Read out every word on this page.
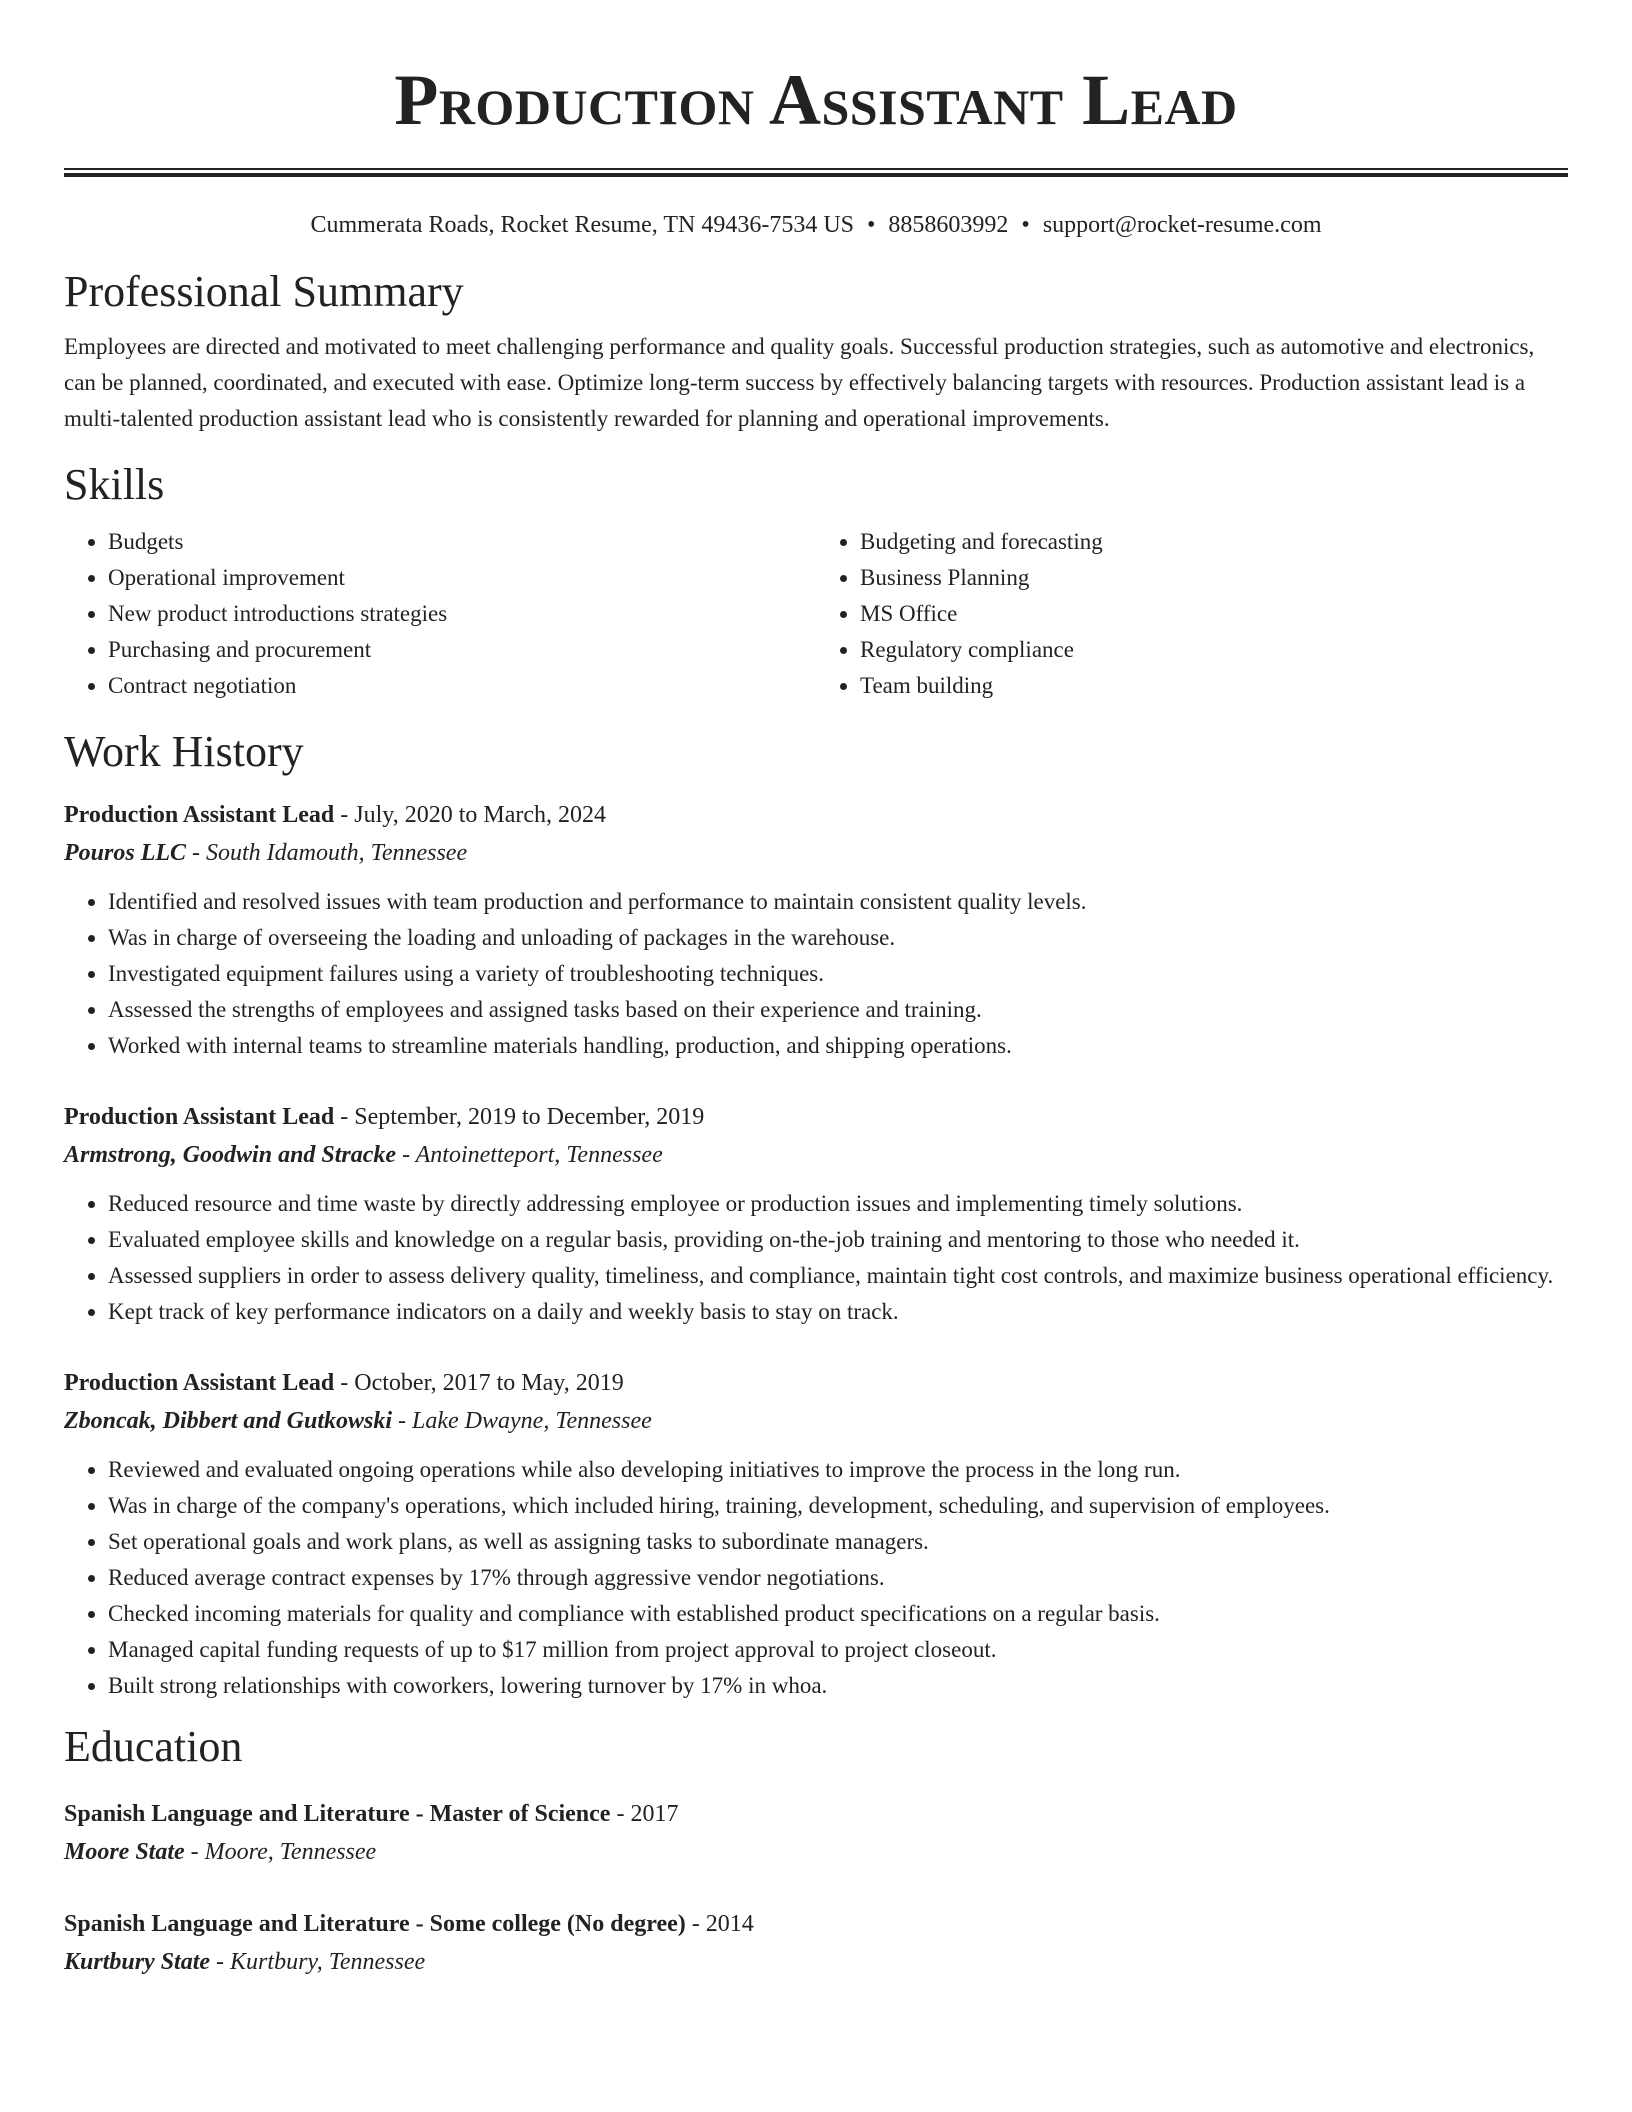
Production Assistant Lead
Cummerata Roads, Rocket Resume, TN 49436-7534 US • 8858603992 • support@rocket-resume.com
Professional Summary

Employees are directed and motivated to meet challenging performance and quality goals. Successful production strategies, such as automotive and electronics, can be planned, coordinated, and executed with ease. Optimize long-term success by effectively balancing targets with resources. Production assistant lead is a multi-talented production assistant lead who is consistently rewarded for planning and operational improvements.

Skills
• Budgets
• Operational improvement
• New product introductions strategies
• Purchasing and procurement
• Contract negotiation
• Budgeting and forecasting
• Business Planning
• MS Office
• Regulatory compliance
• Team building
Work History
Production Assistant Lead - July, 2020 to March, 2024
Pouros LLC - South Idamouth, Tennessee
• Identified and resolved issues with team production and performance to maintain consistent quality levels.
• Was in charge of overseeing the loading and unloading of packages in the warehouse.
• Investigated equipment failures using a variety of troubleshooting techniques.
• Assessed the strengths of employees and assigned tasks based on their experience and training.
• Worked with internal teams to streamline materials handling, production, and shipping operations.
Production Assistant Lead - September, 2019 to December, 2019
Armstrong, Goodwin and Stracke - Antoinetteport, Tennessee
• Reduced resource and time waste by directly addressing employee or production issues and implementing timely solutions.
• Evaluated employee skills and knowledge on a regular basis, providing on-the-job training and mentoring to those who needed it.
• Assessed suppliers in order to assess delivery quality, timeliness, and compliance, maintain tight cost controls, and maximize business operational efficiency.
• Kept track of key performance indicators on a daily and weekly basis to stay on track.
Production Assistant Lead - October, 2017 to May, 2019
Zboncak, Dibbert and Gutkowski - Lake Dwayne, Tennessee
• Reviewed and evaluated ongoing operations while also developing initiatives to improve the process in the long run.
• Was in charge of the company's operations, which included hiring, training, development, scheduling, and supervision of employees.
• Set operational goals and work plans, as well as assigning tasks to subordinate managers.
• Reduced average contract expenses by 17% through aggressive vendor negotiations.
• Checked incoming materials for quality and compliance with established product specifications on a regular basis.
• Managed capital funding requests of up to $17 million from project approval to project closeout.
• Built strong relationships with coworkers, lowering turnover by 17% in whoa.
Education
Spanish Language and Literature - Master of Science - 2017
Moore State - Moore, Tennessee
Spanish Language and Literature - Some college (No degree) - 2014
Kurtbury State - Kurtbury, Tennessee
